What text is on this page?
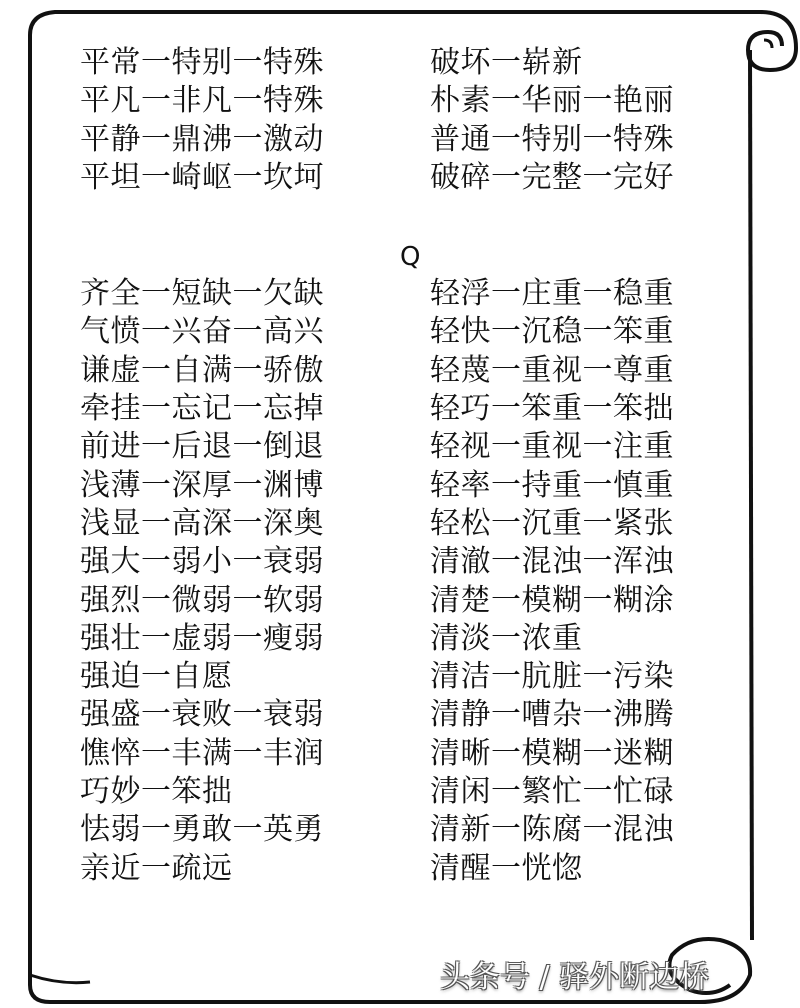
平常一特别一特殊
平凡一非凡一特殊
平静一鼎沸一激动
平坦一崎岖一坎坷
齐全一短缺一欠缺
气愤一兴奋一高兴
谦虚一自满一骄傲
牵挂一忘记一忘掉
前进一后退一倒退
浅薄一深厚一渊博
浅显一高深一深奥
强大一弱小一衰弱
强烈一微弱一软弱
强壮一虚弱一瘦弱
强迫一自愿
强盛一衰败一衰弱
憔悴一丰满一丰润
巧妙一笨拙
怯弱一勇敢一英勇
亲近一疏远
Q
破坏一崭新
朴素一华丽一艳丽
普通一特别一特殊
破碎一完整一完好
轻浮一庄重一稳重
轻快一沉稳一笨重
轻蔑一重视一尊重
轻巧一笨重一笨拙
轻视一重视一注重
轻率一持重一慎重
轻松一沉重一紧张
清澈一混浊一浑浊
清楚一模糊一糊涂
清淡一浓重
清洁一肮脏一污染
清静一嘈杂一沸腾
清晰一模糊一迷糊
清闲一繁忙一忙碌
清新一陈腐一混浊
清醒一恍惚
头条号 / 驿外断边桥
